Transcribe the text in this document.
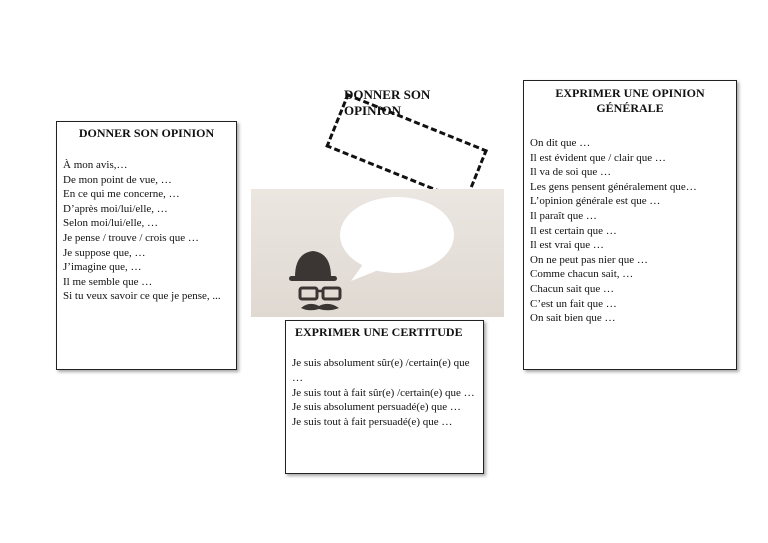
DONNER SON
OPINION
DONNER SON OPINION
À mon avis,…
De mon point de vue, …
En ce qui me concerne, …
D’après moi/lui/elle, …
Selon moi/lui/elle, …
Je pense / trouve / crois que …
Je suppose que, …
J’imagine que, …
Il me semble que …
Si tu veux savoir ce que je pense, ...
EXPRIMER UNE OPINION
GÉNÉRALE
On dit que …
Il est évident que / clair que …
Il va de soi que …
Les gens pensent généralement que…
L’opinion générale est que …
Il paraît que …
Il est certain que …
Il est vrai que …
On ne peut pas nier que …
Comme chacun sait, …
Chacun sait que …
C’est un fait que …
On sait bien que …
EXPRIMER UNE CERTITUDE
Je suis absolument sûr(e) /certain(e) que …
Je suis tout à fait sûr(e) /certain(e) que …
Je suis absolument persuadé(e) que …
Je suis tout à fait persuadé(e) que …
